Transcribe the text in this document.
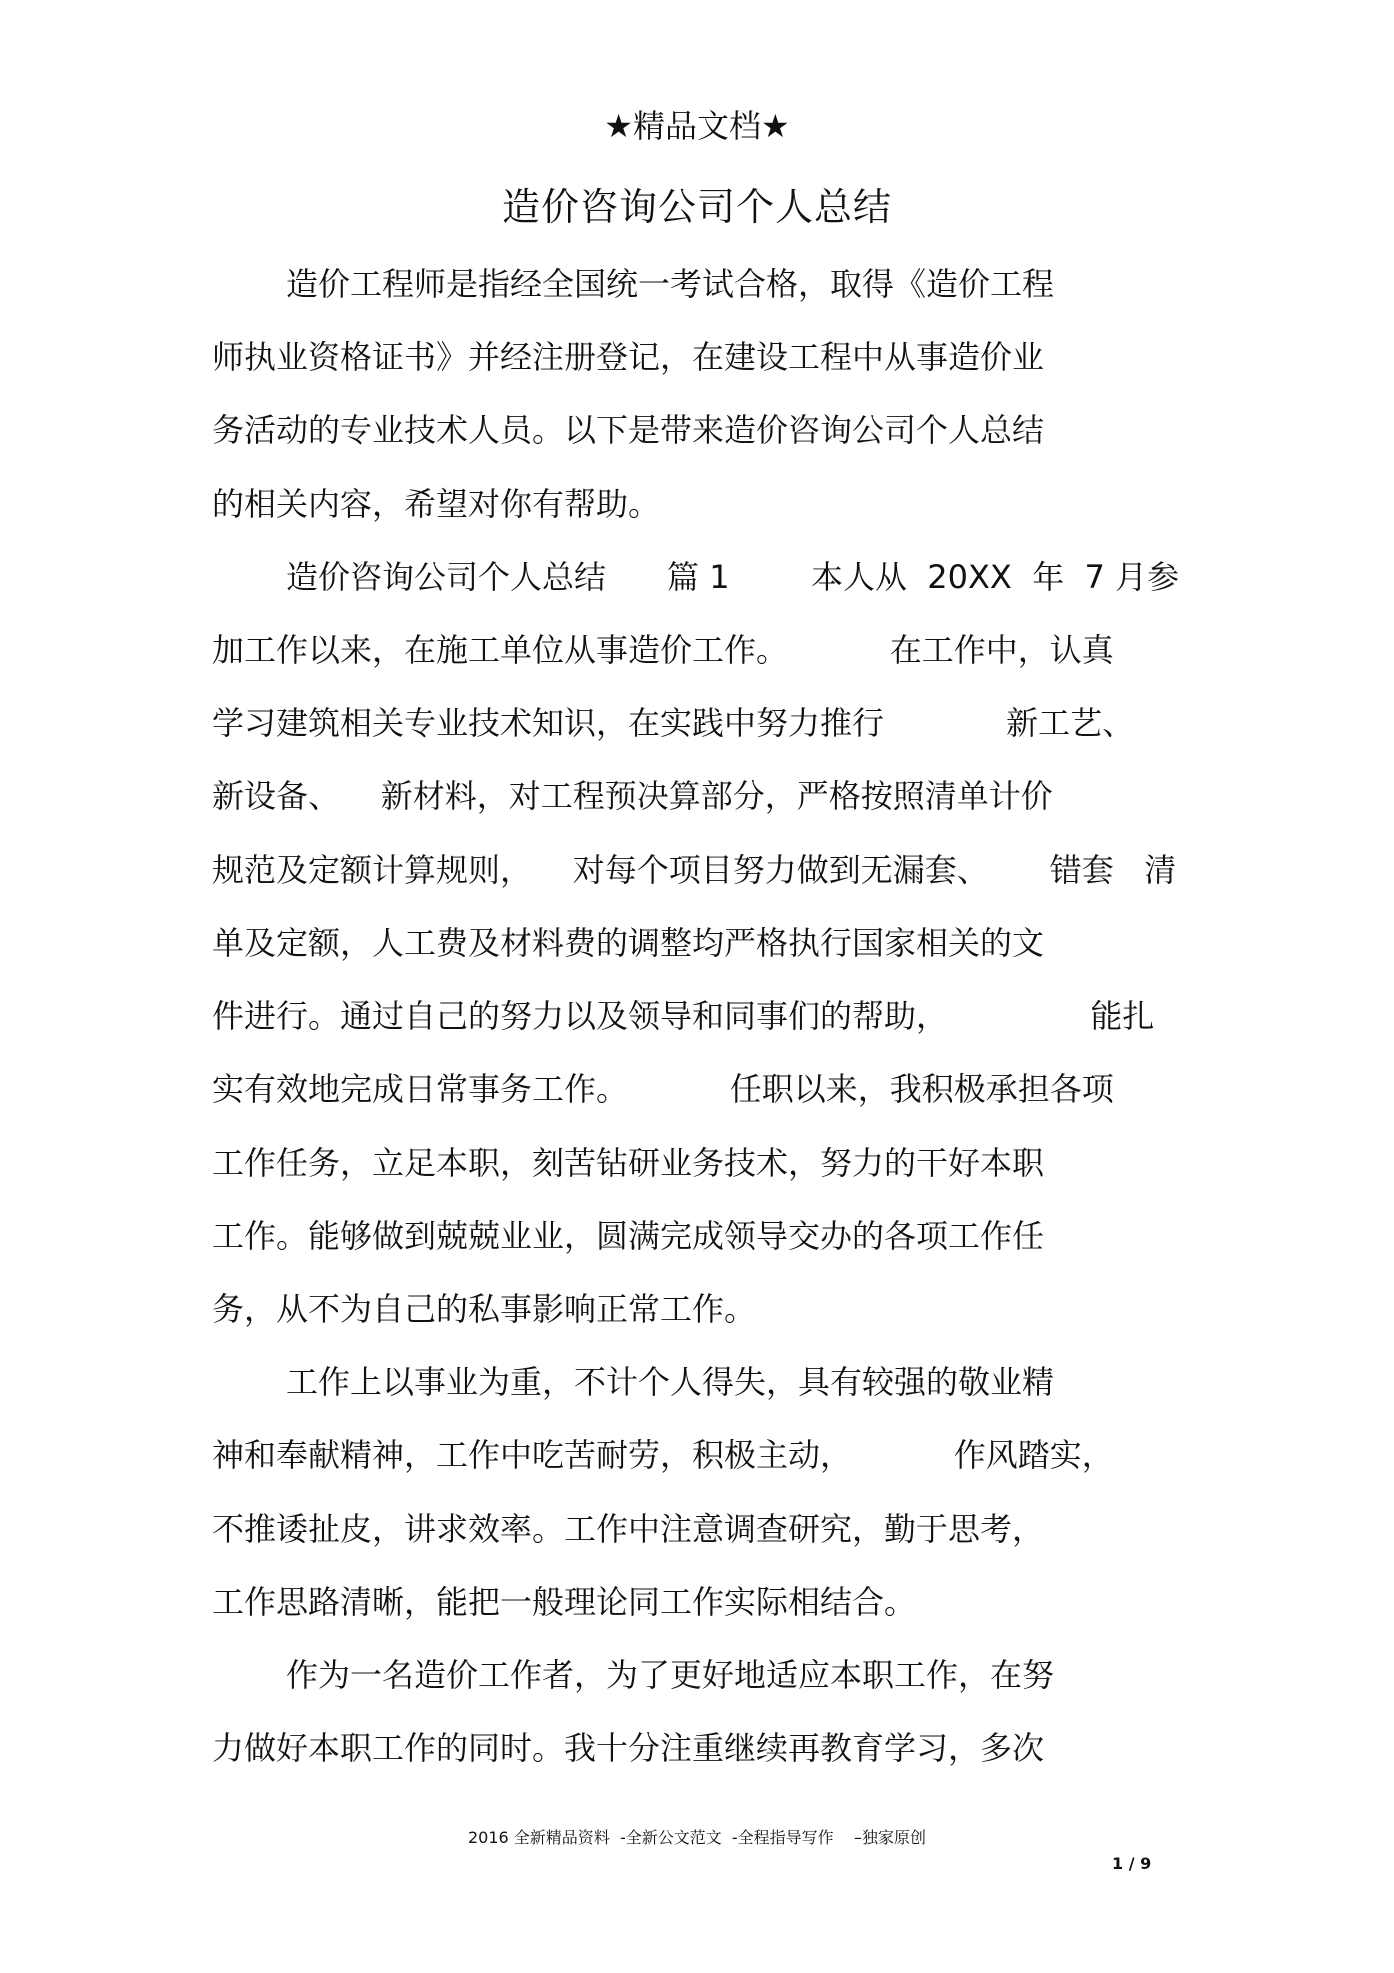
★精品文档★
造价咨询公司个人总结
造价工程师是指经全国统一考试合格，取得《造价工程
师执业资格证书》并经注册登记，在建设工程中从事造价业
务活动的专业技术人员。以下是带来造价咨询公司个人总结
的相关内容，希望对你有帮助。
造价咨询公司个人总结      篇 1        本人从  20XX  年  7 月参
加工作以来，在施工单位从事造价工作。          在工作中，认真
学习建筑相关专业技术知识，在实践中努力推行            新工艺、
新设备、    新材料，对工程预决算部分，严格按照清单计价
规范及定额计算规则，    对每个项目努力做到无漏套、      错套   清
单及定额，人工费及材料费的调整均严格执行国家相关的文
件进行。通过自己的努力以及领导和同事们的帮助，              能扎
实有效地完成日常事务工作。          任职以来，我积极承担各项
工作任务，立足本职，刻苦钻研业务技术，努力的干好本职
工作。能够做到兢兢业业，圆满完成领导交办的各项工作任
务，从不为自己的私事影响正常工作。
工作上以事业为重，不计个人得失，具有较强的敬业精
神和奉献精神，工作中吃苦耐劳，积极主动，          作风踏实，
不推诿扯皮，讲求效率。工作中注意调查研究，勤于思考，
工作思路清晰，能把一般理论同工作实际相结合。
作为一名造价工作者，为了更好地适应本职工作，在努
力做好本职工作的同时。我十分注重继续再教育学习，多次
2016 全新精品资料  -全新公文范文  -全程指导写作    –独家原创
1 / 9
